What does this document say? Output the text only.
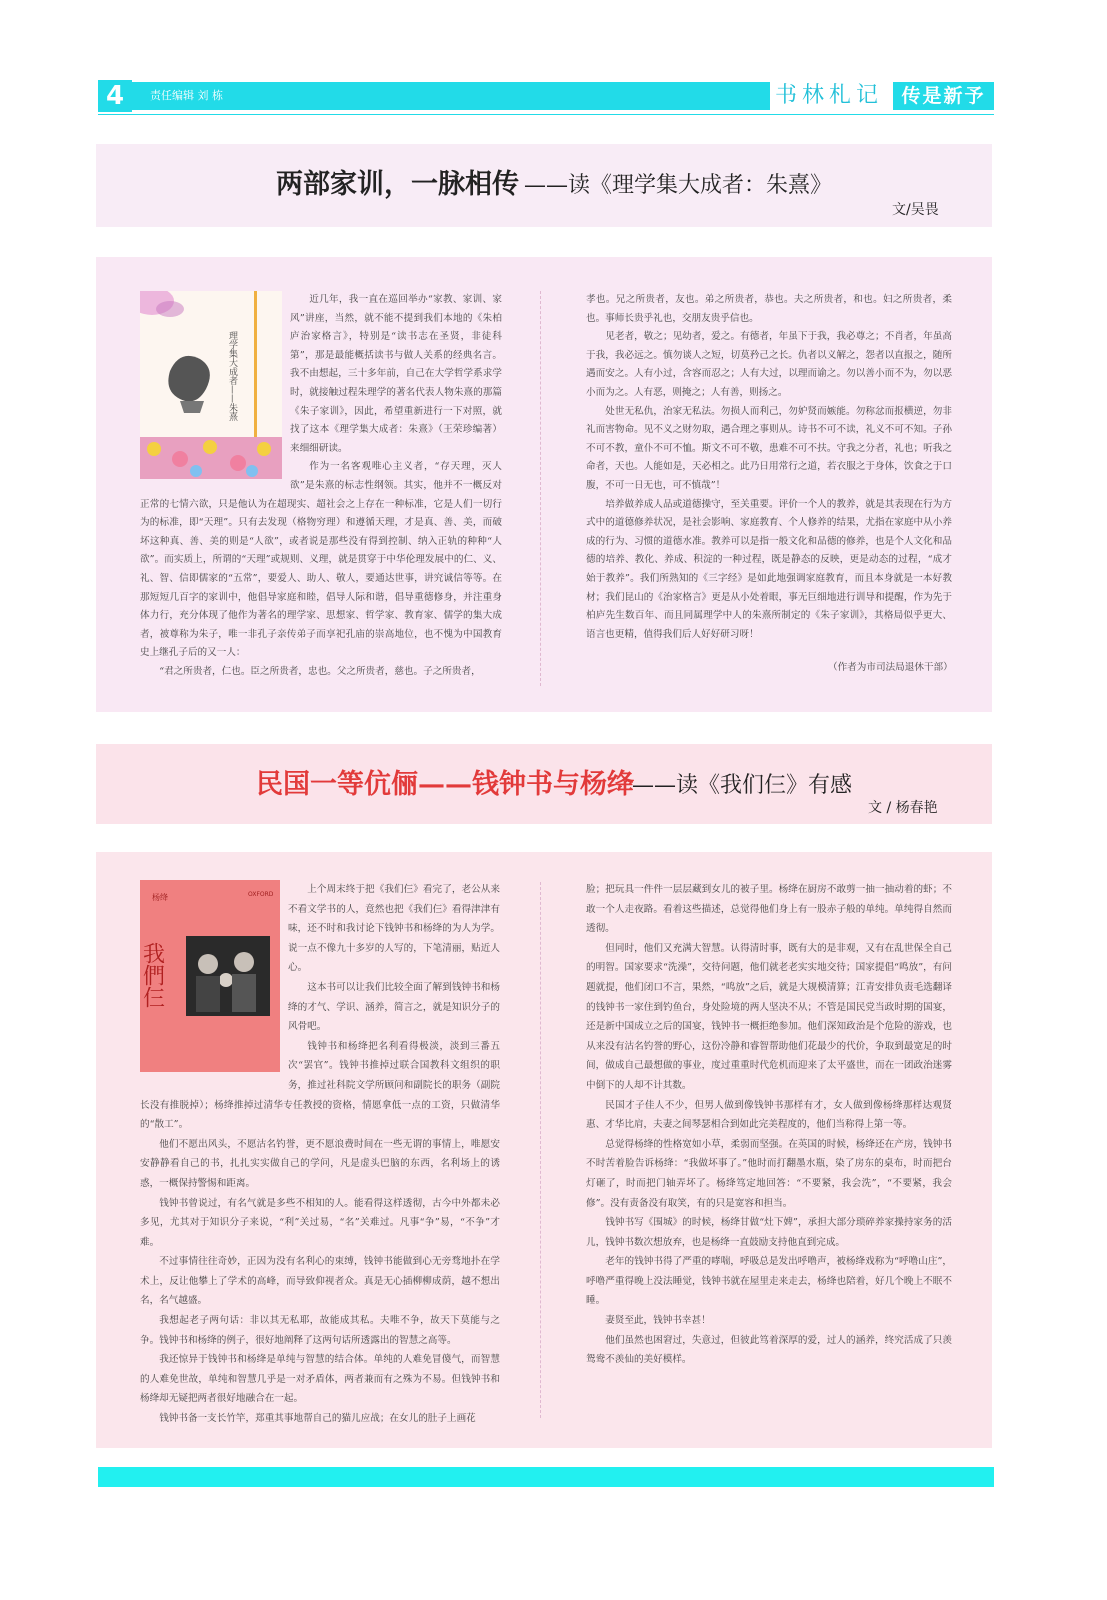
4	责任编辑 刘 栋	书林札记 传是新予
两部家训，一脉相传 ——读《理学集大成者：朱熹》
文/吴畏
理学集大成者——朱熹

近几年，我一直在巡回举办“家教、家训、家风”讲座，当然，就不能不提到我们本地的《朱柏庐治家格言》，特别是“读书志在圣贤，非徒科第”，那是最能概括读书与做人关系的经典名言。我不由想起，三十多年前，自己在大学哲学系求学时，就接触过程朱理学的著名代表人物朱熹的那篇《朱子家训》，因此，希望重新进行一下对照，就找了这本《理学集大成者：朱熹》（王荣珍编著）来细细研读。

作为一名客观唯心主义者，“存天理，灭人欲”是朱熹的标志性纲领。其实，他并不一概反对正常的七情六欲，只是他认为在超现实、超社会之上存在一种标准，它是人们一切行为的标准，即“天理”。只有去发现（格物穷理）和遵循天理，才是真、善、美，而破坏这种真、善、美的则是“人欲”，或者说是那些没有得到控制、纳入正轨的种种“人欲”。而实质上，所谓的“天理”或规则、义理，就是贯穿于中华伦理发展中的仁、义、礼、智、信即儒家的“五常”，要爱人、助人、敬人，要通达世事，讲究诚信等等。在那短短几百字的家训中，他倡导家庭和睦，倡导人际和谐，倡导重德修身，并注重身体力行，充分体现了他作为著名的理学家、思想家、哲学家、教育家、儒学的集大成者，被尊称为朱子，唯一非孔子亲传弟子而享祀孔庙的崇高地位，也不愧为中国教育史上继孔子后的又一人：

“君之所贵者，仁也。臣之所贵者，忠也。父之所贵者，慈也。子之所贵者，

孝也。兄之所贵者，友也。弟之所贵者，恭也。夫之所贵者，和也。妇之所贵者，柔也。事师长贵乎礼也，交朋友贵乎信也。

见老者，敬之；见幼者，爱之。有德者，年虽下于我，我必尊之；不肖者，年虽高于我，我必远之。慎勿谈人之短，切莫矜己之长。仇者以义解之，怨者以直报之，随所遇而安之。人有小过，含容而忍之；人有大过，以理而谕之。勿以善小而不为，勿以恶小而为之。人有恶，则掩之；人有善，则扬之。

处世无私仇，治家无私法。勿损人而利己，勿妒贤而嫉能。勿称忿而报横逆，勿非礼而害物命。见不义之财勿取，遇合理之事则从。诗书不可不读，礼义不可不知。子孙不可不教，童仆不可不恤。斯文不可不敬，患难不可不扶。守我之分者，礼也；听我之命者，天也。人能如是，天必相之。此乃日用常行之道，若衣服之于身体，饮食之于口腹，不可一日无也，可不慎哉”！

培养做养成人品或道德操守，至关重要。评价一个人的教养，就是其表现在行为方式中的道德修养状况，是社会影响、家庭教育、个人修养的结果，尤指在家庭中从小养成的行为、习惯的道德水准。教养可以是指一般文化和品德的修养，也是个人文化和品德的培养、教化、养成、积淀的一种过程，既是静态的反映，更是动态的过程，“成才始于教养”。我们所熟知的《三字经》是如此地强调家庭教育，而且本身就是一本好教材；我们昆山的《治家格言》更是从小处着眼，事无巨细地进行训导和提醒，作为先于柏庐先生数百年、而且同属理学中人的朱熹所制定的《朱子家训》，其格局似乎更大、语言也更精，值得我们后人好好研习呀！

（作者为市司法局退休干部）
民国一等伉俪——钱钟书与杨绛
——读《我们仨》有感
文 / 杨春艳
杨绛	OXFORD
我們仨

上个周末终于把《我们仨》看完了，老公从来不看文学书的人，竟然也把《我们仨》看得津津有味，还不时和我讨论下钱钟书和杨绛的为人为学。说一点不像九十多岁的人写的，下笔清丽，贴近人心。

这本书可以让我们比较全面了解到钱钟书和杨绛的才气、学识、涵养，简言之，就是知识分子的风骨吧。

钱钟书和杨绛把名利看得极淡，淡到三番五次“罢官”。钱钟书推掉过联合国教科文组织的职务，推过社科院文学所顾问和副院长的职务（副院长没有推脱掉）；杨绛推掉过清华专任教授的资格，情愿拿低一点的工资，只做清华的“散工”。

他们不愿出风头，不愿沽名钓誉，更不愿浪费时间在一些无谓的事情上，唯愿安安静静看自己的书，扎扎实实做自己的学问，凡是虚头巴脑的东西，名利场上的诱惑，一概保持警惕和距离。

钱钟书曾说过，有名气就是多些不相知的人。能看得这样透彻，古今中外都未必多见，尤其对于知识分子来说，“利”关过易，“名”关难过。凡事“争”易，“不争”才难。

不过事情往往奇妙，正因为没有名利心的束缚，钱钟书能做到心无旁骛地扑在学术上，反让他攀上了学术的高峰，而导致仰视者众。真是无心插柳柳成荫，越不想出名，名气越盛。

我想起老子两句话：非以其无私耶，故能成其私。夫唯不争，故天下莫能与之争。钱钟书和杨绛的例子，很好地阐释了这两句话所透露出的智慧之高等。

我还惊异于钱钟书和杨绛是单纯与智慧的结合体。单纯的人难免冒傻气，而智慧的人难免世故，单纯和智慧几乎是一对矛盾体，两者兼而有之殊为不易。但钱钟书和杨绛却无疑把两者很好地融合在一起。

钱钟书备一支长竹竿，郑重其事地帮自己的猫儿应战；在女儿的肚子上画花

脸；把玩具一件件一层层藏到女儿的被子里。杨绛在厨房不敢剪一抽一抽动着的虾；不敢一个人走夜路。看着这些描述，总觉得他们身上有一股赤子般的单纯。单纯得自然而透彻。

但同时，他们又充满大智慧。认得清时事，既有大的是非观，又有在乱世保全自己的明智。国家要求“洗澡”，交待问题，他们就老老实实地交待；国家提倡“鸣放”，有问题就提，他们闭口不言，果然，“鸣放”之后，就是大规模清算；江青安排负责毛选翻译的钱钟书一家住到钓鱼台，身处险境的两人坚决不从；不管是国民党当政时期的国宴，还是新中国成立之后的国宴，钱钟书一概拒绝参加。他们深知政治是个危险的游戏，也从来没有沽名钓誉的野心，这份冷静和睿智帮助他们花最少的代价，争取到最宽足的时间，做成自己最想做的事业，度过重重时代危机而迎来了太平盛世，而在一团政治迷雾中倒下的人却不计其数。

民国才子佳人不少，但男人做到像钱钟书那样有才，女人做到像杨绛那样达观贤惠、才华比肩，夫妻之间琴瑟相合到如此完美程度的，他们当称得上第一等。

总觉得杨绛的性格宽如小草，柔弱而坚强。在英国的时候，杨绛还在产房，钱钟书不时苦着脸告诉杨绛：“我做坏事了。”他时而打翻墨水瓶，染了房东的桌布，时而把台灯砸了，时而把门轴弄坏了。杨绛笃定地回答：“不要紧，我会洗”，“不要紧，我会修”。没有责备没有取笑，有的只是宽容和担当。

钱钟书写《围城》的时候，杨绛甘做“灶下婢”，承担大部分琐碎养家操持家务的活儿，钱钟书数次想放弃，也是杨绛一直鼓励支持他直到完成。

老年的钱钟书得了严重的哮喘，呼吸总是发出呼噜声，被杨绛戏称为“呼噜山庄”，呼噜严重得晚上没法睡觉，钱钟书就在屋里走来走去，杨绛也陪着，好几个晚上不眠不睡。

妻贤至此，钱钟书幸甚！

他们虽然也困窘过，失意过，但彼此笃着深厚的爱，过人的涵养，终究活成了只羡鸳鸯不羡仙的美好模样。
